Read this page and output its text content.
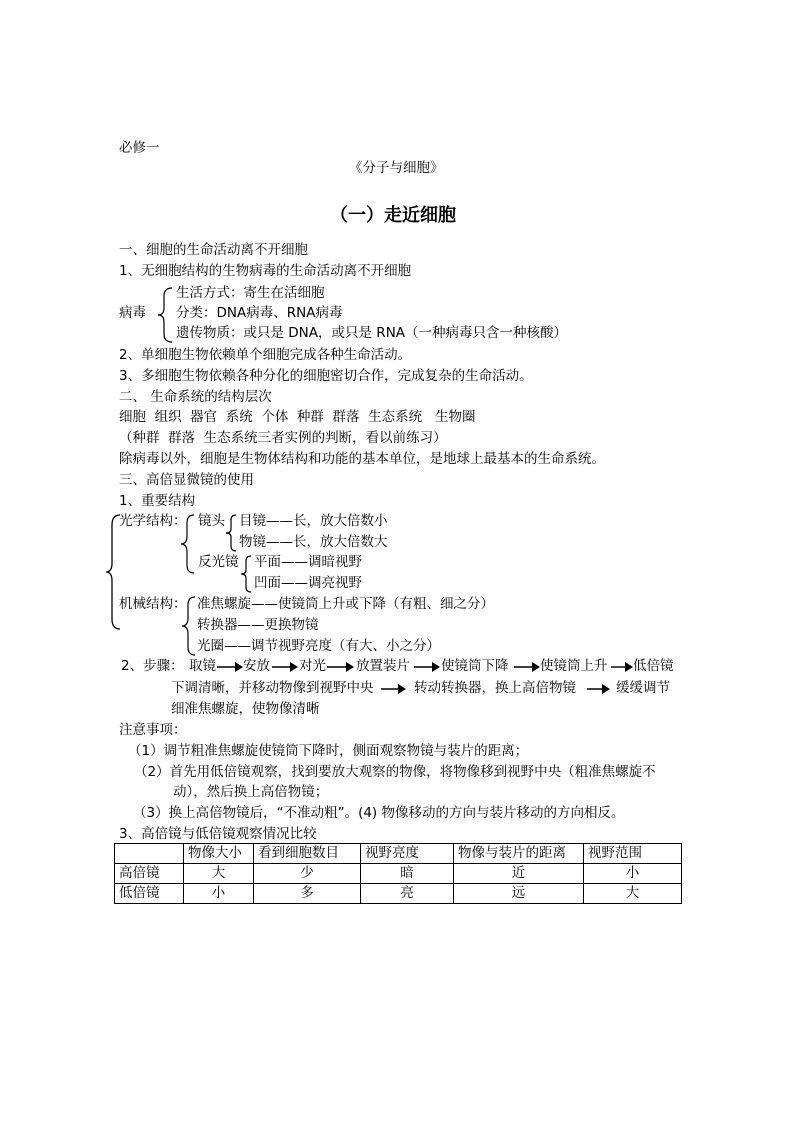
必修一
《分子与细胞》
（一）走近细胞
一、细胞的生命活动离不开细胞
1、无细胞结构的生物病毒的生命活动离不开细胞
病毒
生活方式：寄生在活细胞
分类：DNA病毒、RNA病毒
遗传物质：或只是 DNA，或只是 RNA（一种病毒只含一种核酸）
2、单细胞生物依赖单个细胞完成各种生命活动。
3、多细胞生物依赖各种分化的细胞密切合作，完成复杂的生命活动。
二、 生命系统的结构层次
细胞  组织  器官  系统  个体  种群  群落  生态系统   生物圈
（种群  群落  生态系统三者实例的判断，看以前练习）
除病毒以外，细胞是生物体结构和功能的基本单位，是地球上最基本的生命系统。
三、高倍显微镜的使用
1、重要结构
光学结构： 镜头 目镜——长，放大倍数小
物镜——长，放大倍数大
反光镜 平面——调暗视野
凹面——调亮视野
机械结构： 准焦螺旋——使镜筒上升或下降（有粗、细之分）
转换器——更换物镜
光圈——调节视野亮度（有大、小之分）
2、步骤： 取镜 安放 对光 放置装片 使镜筒下降 使镜筒上升 低倍镜
下调清晰，并移动物像到视野中央	转动转换器，换上高倍物镜	缓缓调节
细准焦螺旋，使物像清晰
注意事项：
（1）调节粗准焦螺旋使镜筒下降时，侧面观察物镜与装片的距离；
（2）首先用低倍镜观察，找到要放大观察的物像，将物像移到视野中央（粗准焦螺旋不
动），然后换上高倍物镜；
（3）换上高倍物镜后，“不准动粗”。(4) 物像移动的方向与装片移动的方向相反。
3、高倍镜与低倍镜观察情况比较
	物像大小	看到细胞数目	视野亮度	物像与装片的距离	视野范围
高倍镜	大	少	暗	近	小
低倍镜	小	多	亮	远	大
